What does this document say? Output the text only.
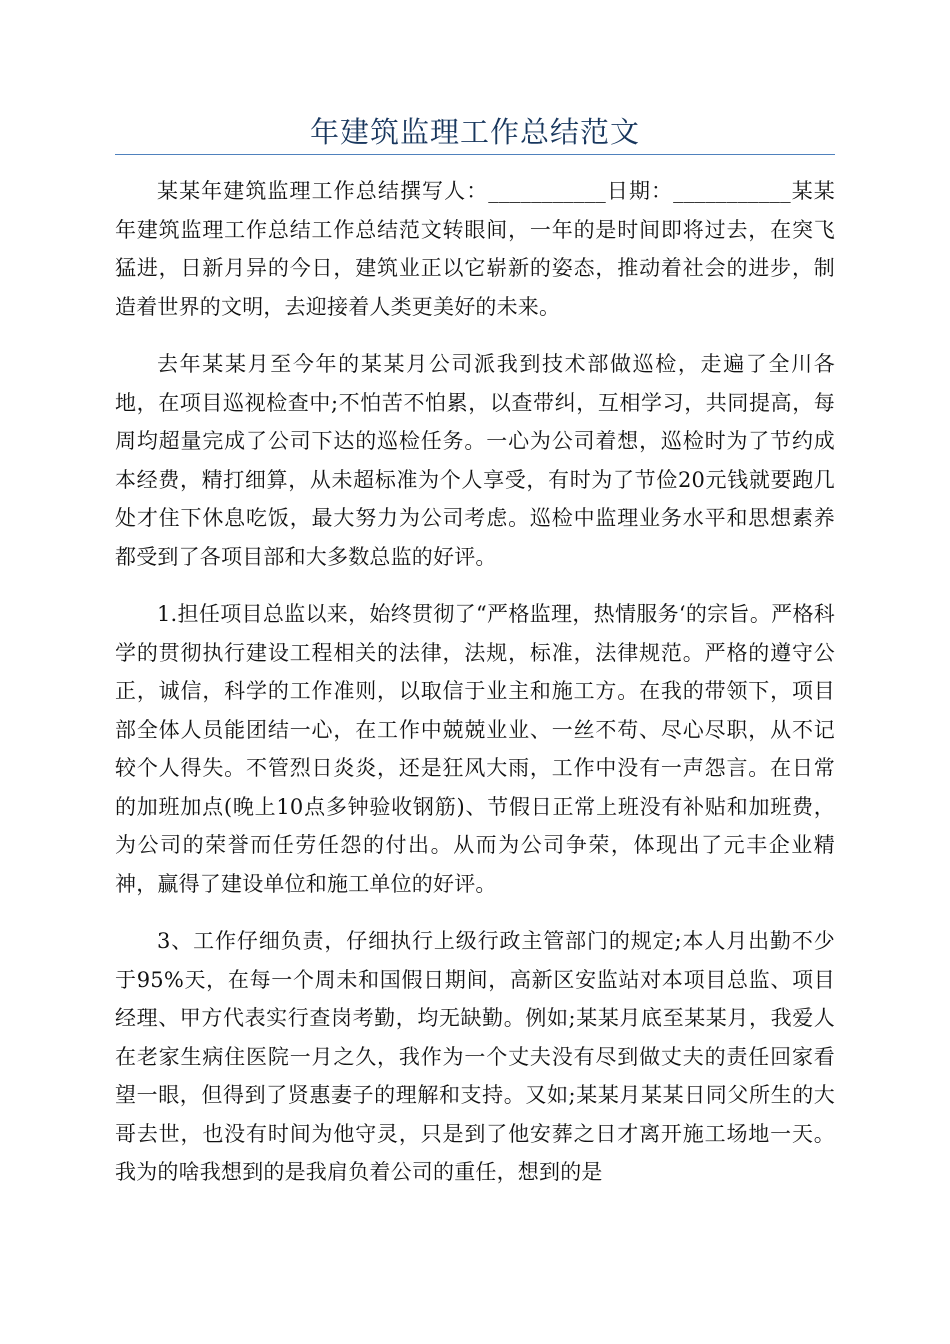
年建筑监理工作总结范文

某某年建筑监理工作总结撰写人：___________日期：___________某某年建筑监理工作总结工作总结范文转眼间，一年的是时间即将过去，在突飞猛进，日新月异的今日，建筑业正以它崭新的姿态，推动着社会的进步，制造着世界的文明，去迎接着人类更美好的未来。

去年某某月至今年的某某月公司派我到技术部做巡检，走遍了全川各地，在项目巡视检查中;不怕苦不怕累，以查带纠，互相学习，共同提高，每周均超量完成了公司下达的巡检任务。一心为公司着想，巡检时为了节约成本经费，精打细算，从未超标准为个人享受，有时为了节俭20元钱就要跑几处才住下休息吃饭，最大努力为公司考虑。巡检中监理业务水平和思想素养都受到了各项目部和大多数总监的好评。

1.担任项目总监以来，始终贯彻了“严格监理，热情服务‘的宗旨。严格科学的贯彻执行建设工程相关的法律，法规，标准，法律规范。严格的遵守公正，诚信，科学的工作准则，以取信于业主和施工方。在我的带领下，项目部全体人员能团结一心，在工作中兢兢业业、一丝不苟、尽心尽职，从不记较个人得失。不管烈日炎炎，还是狂风大雨，工作中没有一声怨言。在日常的加班加点(晚上10点多钟验收钢筋)、节假日正常上班没有补贴和加班费，为公司的荣誉而任劳任怨的付出。从而为公司争荣，体现出了元丰企业精神，赢得了建设单位和施工单位的好评。

3、工作仔细负责，仔细执行上级行政主管部门的规定;本人月出勤不少于95%天，在每一个周未和国假日期间，高新区安监站对本项目总监、项目经理、甲方代表实行查岗考勤，均无缺勤。例如;某某月底至某某月，我爱人在老家生病住医院一月之久，我作为一个丈夫没有尽到做丈夫的责任回家看望一眼，但得到了贤惠妻子的理解和支持。又如;某某月某某日同父所生的大哥去世，也没有时间为他守灵，只是到了他安葬之日才离开施工场地一天。我为的啥我想到的是我肩负着公司的重任，想到的是
